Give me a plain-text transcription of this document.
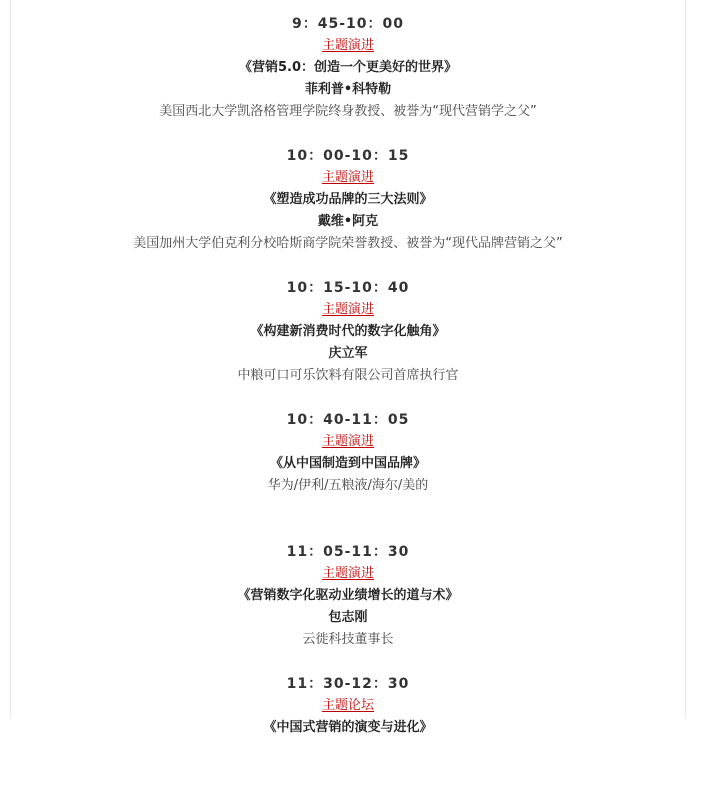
9：45-10：00
主题演进
《营销5.0：创造一个更美好的世界》
菲利普•科特勒
美国西北大学凯洛格管理学院终身教授、被誉为“现代营销学之父”
10：00-10：15
主题演进
《塑造成功品牌的三大法则》
戴维•阿克
美国加州大学伯克利分校哈斯商学院荣誉教授、被誉为“现代品牌营销之父”
10：15-10：40
主题演进
《构建新消费时代的数字化触角》
庆立军
中粮可口可乐饮料有限公司首席执行官
10：40-11：05
主题演进
《从中国制造到中国品牌》
华为/伊利/五粮液/海尔/美的
11：05-11：30
主题演进
《营销数字化驱动业绩增长的道与术》
包志刚
云徙科技董事长
11：30-12：30
主题论坛
《中国式营销的演变与进化》
